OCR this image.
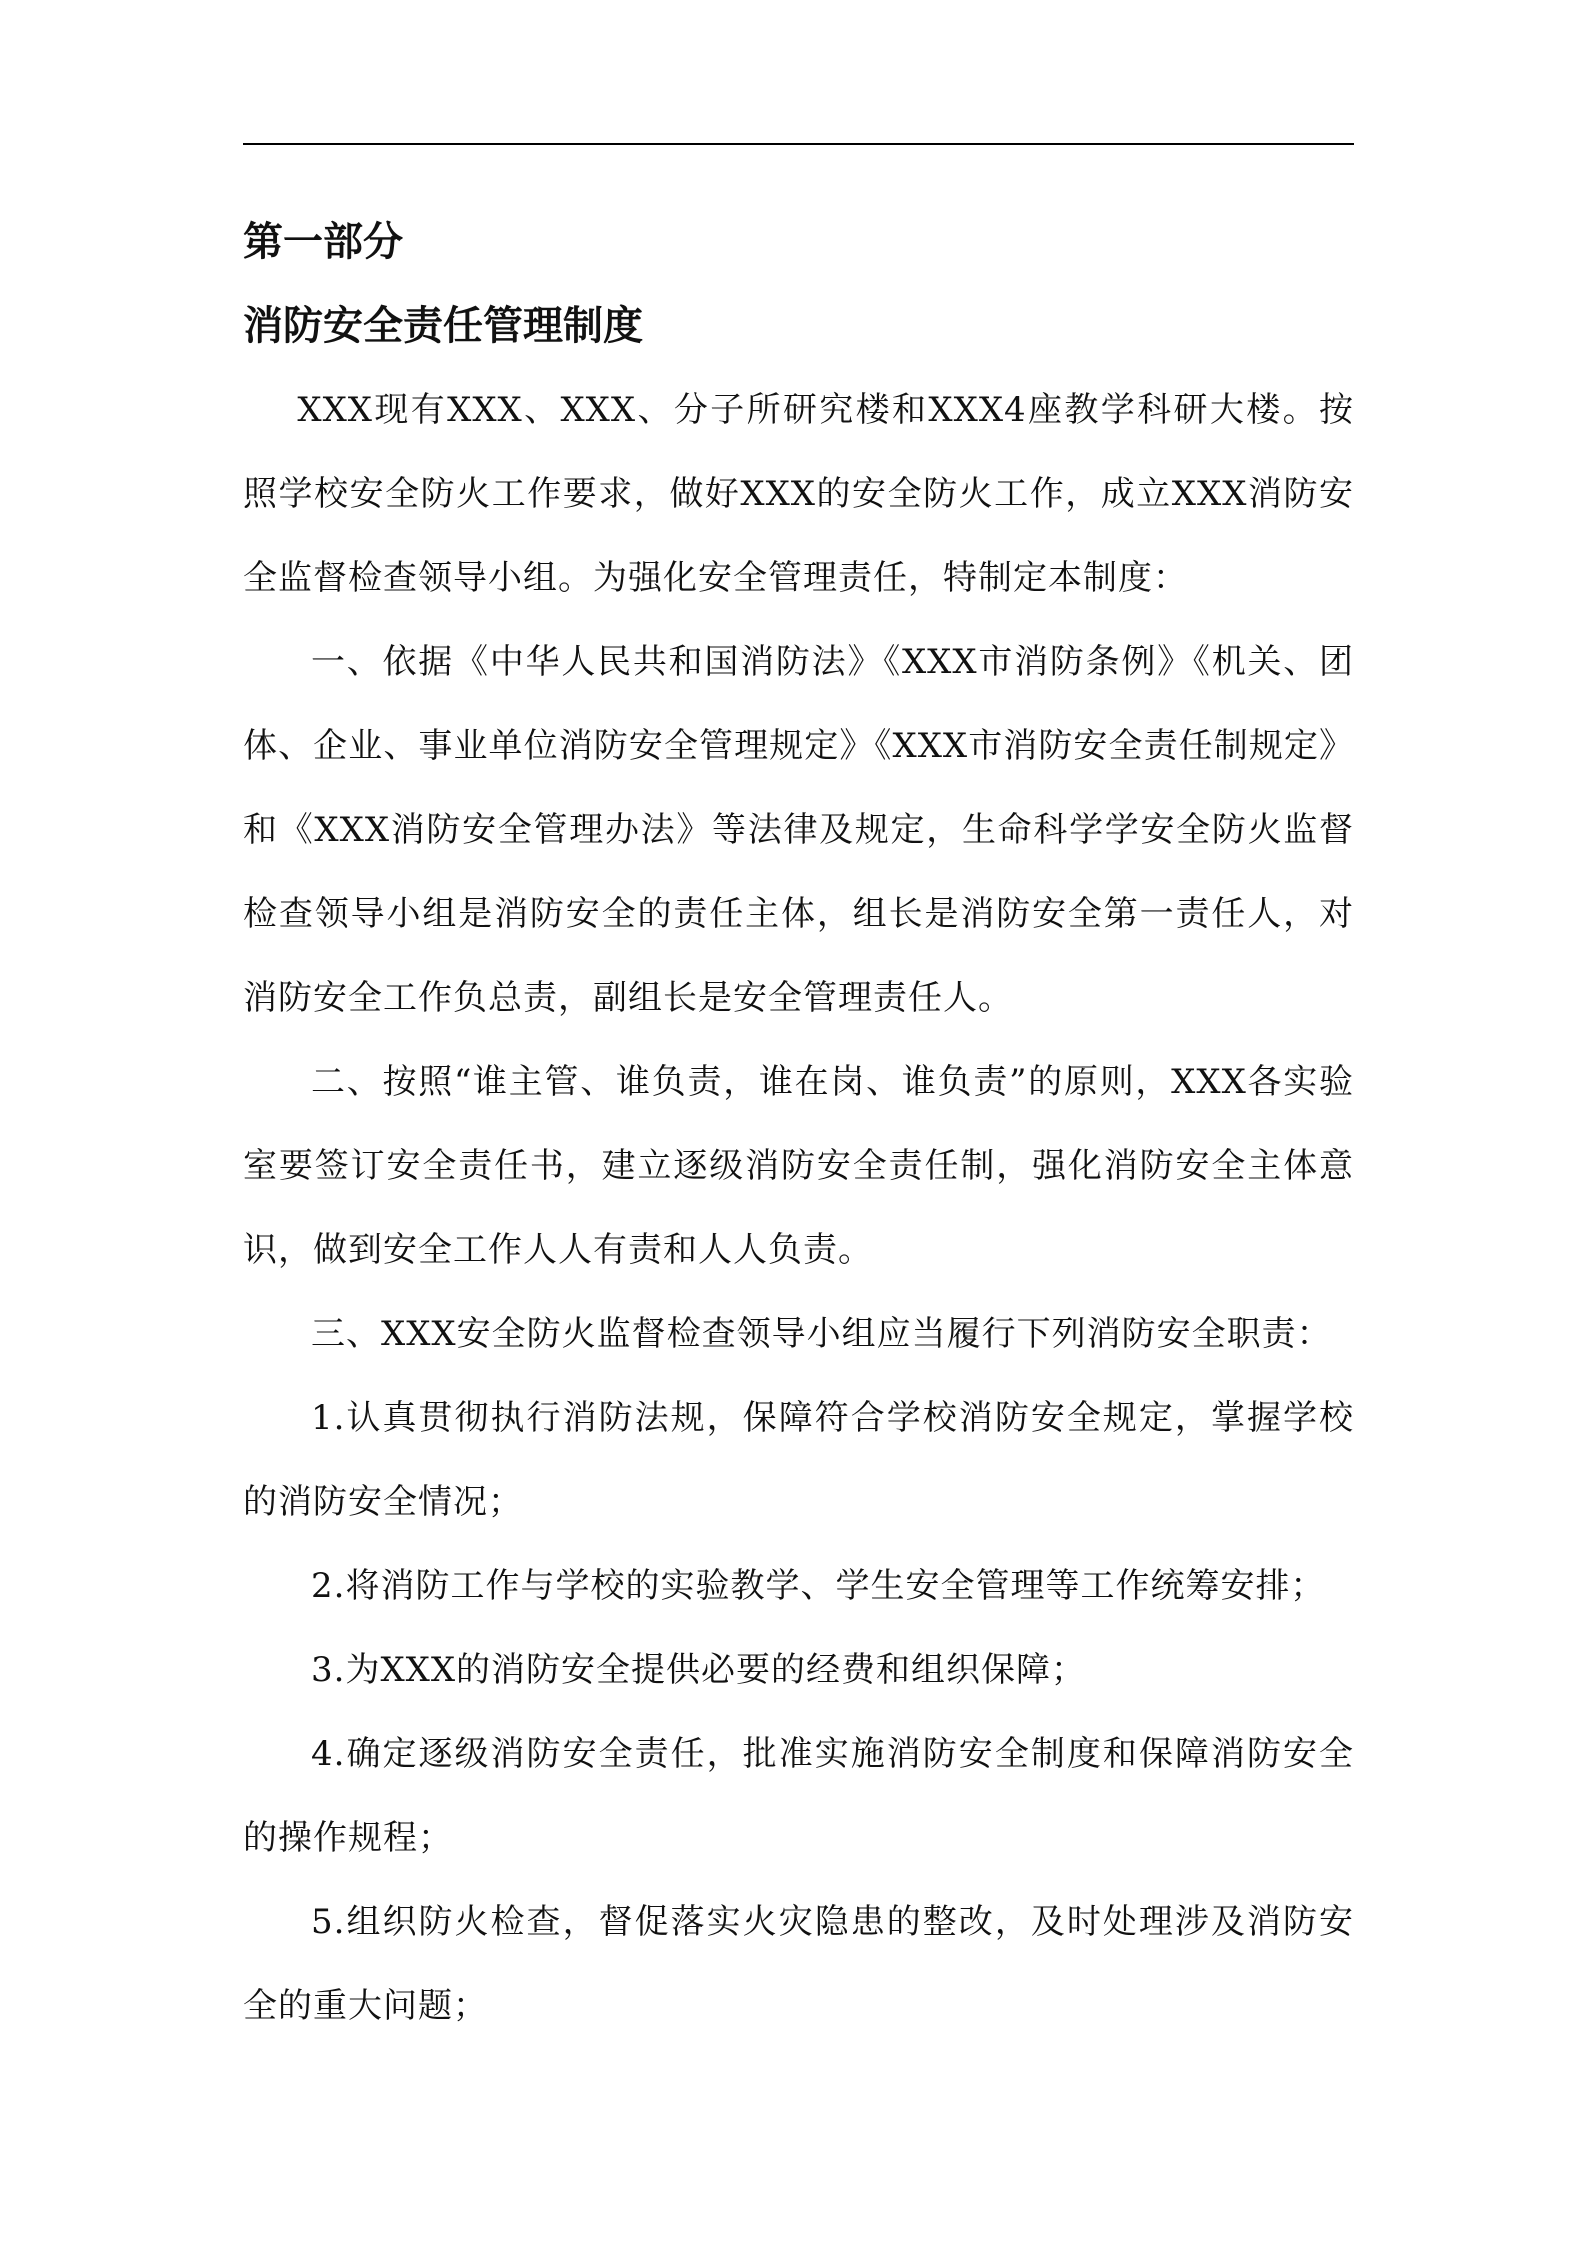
第一部分
消防安全责任管理制度

XXX现有XXX、XXX、分子所研究楼和XXX4座教学科研大楼。按照学校安全防火工作要求，做好XXX的安全防火工作，成立XXX消防安全监督检查领导小组。为强化安全管理责任，特制定本制度：

一、依据《中华人民共和国消防法》《XXX市消防条例》《机关、团体、企业、事业单位消防安全管理规定》《XXX市消防安全责任制规定》和《XXX消防安全管理办法》等法律及规定，生命科学学安全防火监督检查领导小组是消防安全的责任主体，组长是消防安全第一责任人，对消防安全工作负总责，副组长是安全管理责任人。

二、按照“谁主管、谁负责，谁在岗、谁负责”的原则，XXX各实验室要签订安全责任书，建立逐级消防安全责任制，强化消防安全主体意识，做到安全工作人人有责和人人负责。

三、XXX安全防火监督检查领导小组应当履行下列消防安全职责：

1.认真贯彻执行消防法规，保障符合学校消防安全规定，掌握学校的消防安全情况；

2.将消防工作与学校的实验教学、学生安全管理等工作统筹安排；

3.为XXX的消防安全提供必要的经费和组织保障；

4.确定逐级消防安全责任，批准实施消防安全制度和保障消防安全的操作规程；

5.组织防火检查，督促落实火灾隐患的整改，及时处理涉及消防安全的重大问题；
